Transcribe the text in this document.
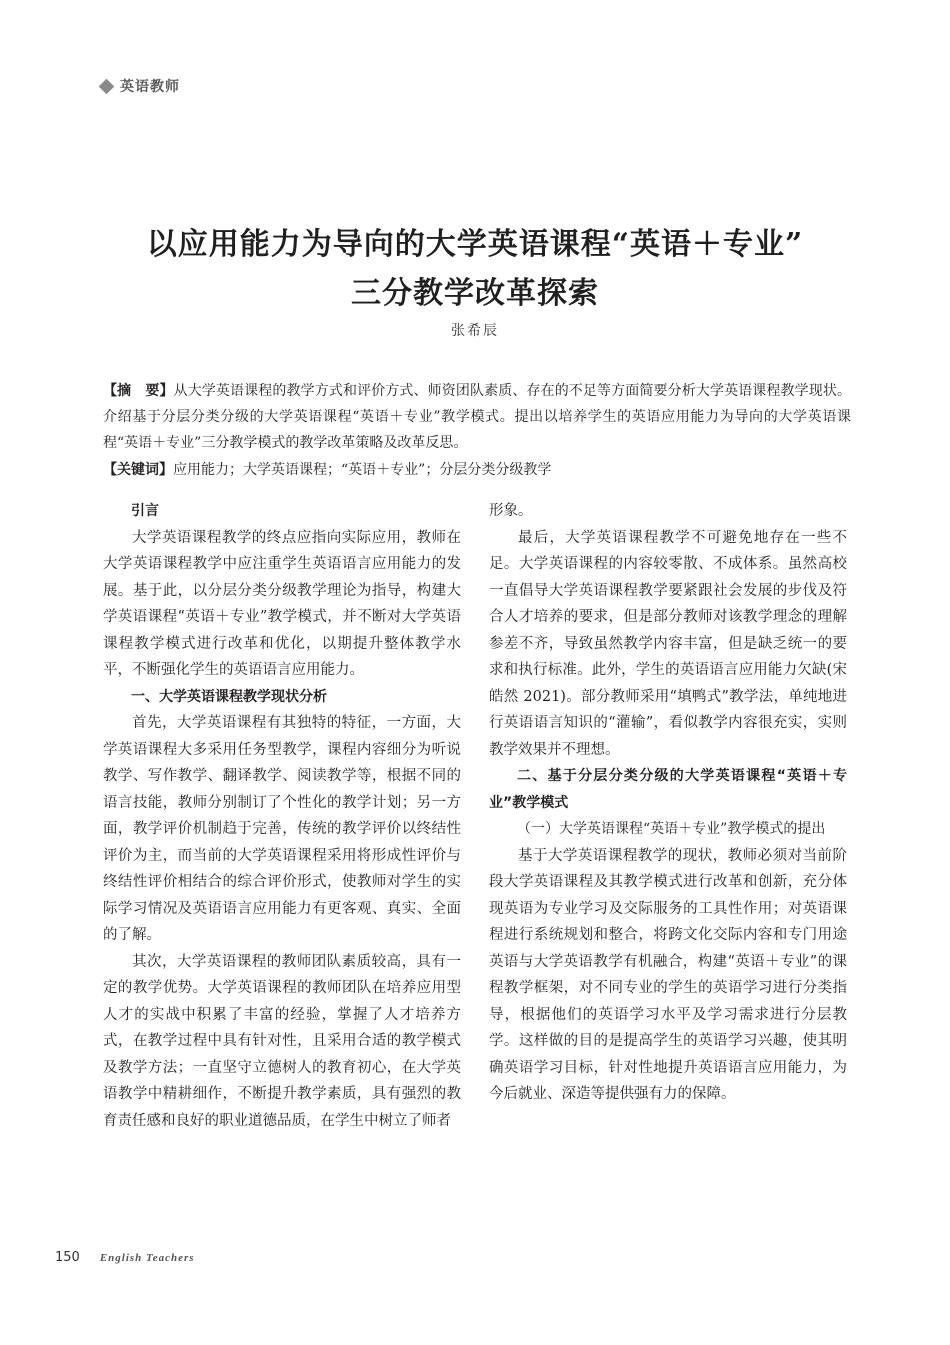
英语教师
以应用能力为导向的大学英语课程“英语＋专业”
三分教学改革探索
张希辰

【摘　要】从大学英语课程的教学方式和评价方式、师资团队素质、存在的不足等方面简要分析大学英语课程教学现状。介绍基于分层分类分级的大学英语课程“英语＋专业”教学模式。提出以培养学生的英语应用能力为导向的大学英语课程“英语＋专业”三分教学模式的教学改革策略及改革反思。

【关键词】应用能力；大学英语课程；“英语＋专业”；分层分类分级教学

引言

大学英语课程教学的终点应指向实际应用，教师在大学英语课程教学中应注重学生英语语言应用能力的发展。基于此，以分层分类分级教学理论为指导，构建大学英语课程“英语＋专业”教学模式，并不断对大学英语课程教学模式进行改革和优化，以期提升整体教学水平，不断强化学生的英语语言应用能力。

一、大学英语课程教学现状分析

首先，大学英语课程有其独特的特征，一方面，大学英语课程大多采用任务型教学，课程内容细分为听说教学、写作教学、翻译教学、阅读教学等，根据不同的语言技能，教师分别制订了个性化的教学计划；另一方面，教学评价机制趋于完善，传统的教学评价以终结性评价为主，而当前的大学英语课程采用将形成性评价与终结性评价相结合的综合评价形式，使教师对学生的实际学习情况及英语语言应用能力有更客观、真实、全面的了解。

其次，大学英语课程的教师团队素质较高，具有一定的教学优势。大学英语课程的教师团队在培养应用型人才的实战中积累了丰富的经验，掌握了人才培养方式，在教学过程中具有针对性，且采用合适的教学模式及教学方法；一直坚守立德树人的教育初心，在大学英语教学中精耕细作，不断提升教学素质，具有强烈的教育责任感和良好的职业道德品质，在学生中树立了师者

形象。

最后，大学英语课程教学不可避免地存在一些不足。大学英语课程的内容较零散、不成体系。虽然高校一直倡导大学英语课程教学要紧跟社会发展的步伐及符合人才培养的要求，但是部分教师对该教学理念的理解参差不齐，导致虽然教学内容丰富，但是缺乏统一的要求和执行标准。此外，学生的英语语言应用能力欠缺(宋皓然 2021)。部分教师采用“填鸭式”教学法，单纯地进行英语语言知识的“灌输”，看似教学内容很充实，实则教学效果并不理想。

二、基于分层分类分级的大学英语课程“英语＋专业”教学模式

（一）大学英语课程“英语＋专业”教学模式的提出

基于大学英语课程教学的现状，教师必须对当前阶段大学英语课程及其教学模式进行改革和创新，充分体现英语为专业学习及交际服务的工具性作用；对英语课程进行系统规划和整合，将跨文化交际内容和专门用途英语与大学英语教学有机融合，构建“英语＋专业”的课程教学框架，对不同专业的学生的英语学习进行分类指导，根据他们的英语学习水平及学习需求进行分层教学。这样做的目的是提高学生的英语学习兴趣，使其明确英语学习目标，针对性地提升英语语言应用能力，为今后就业、深造等提供强有力的保障。

150 English Teachers
